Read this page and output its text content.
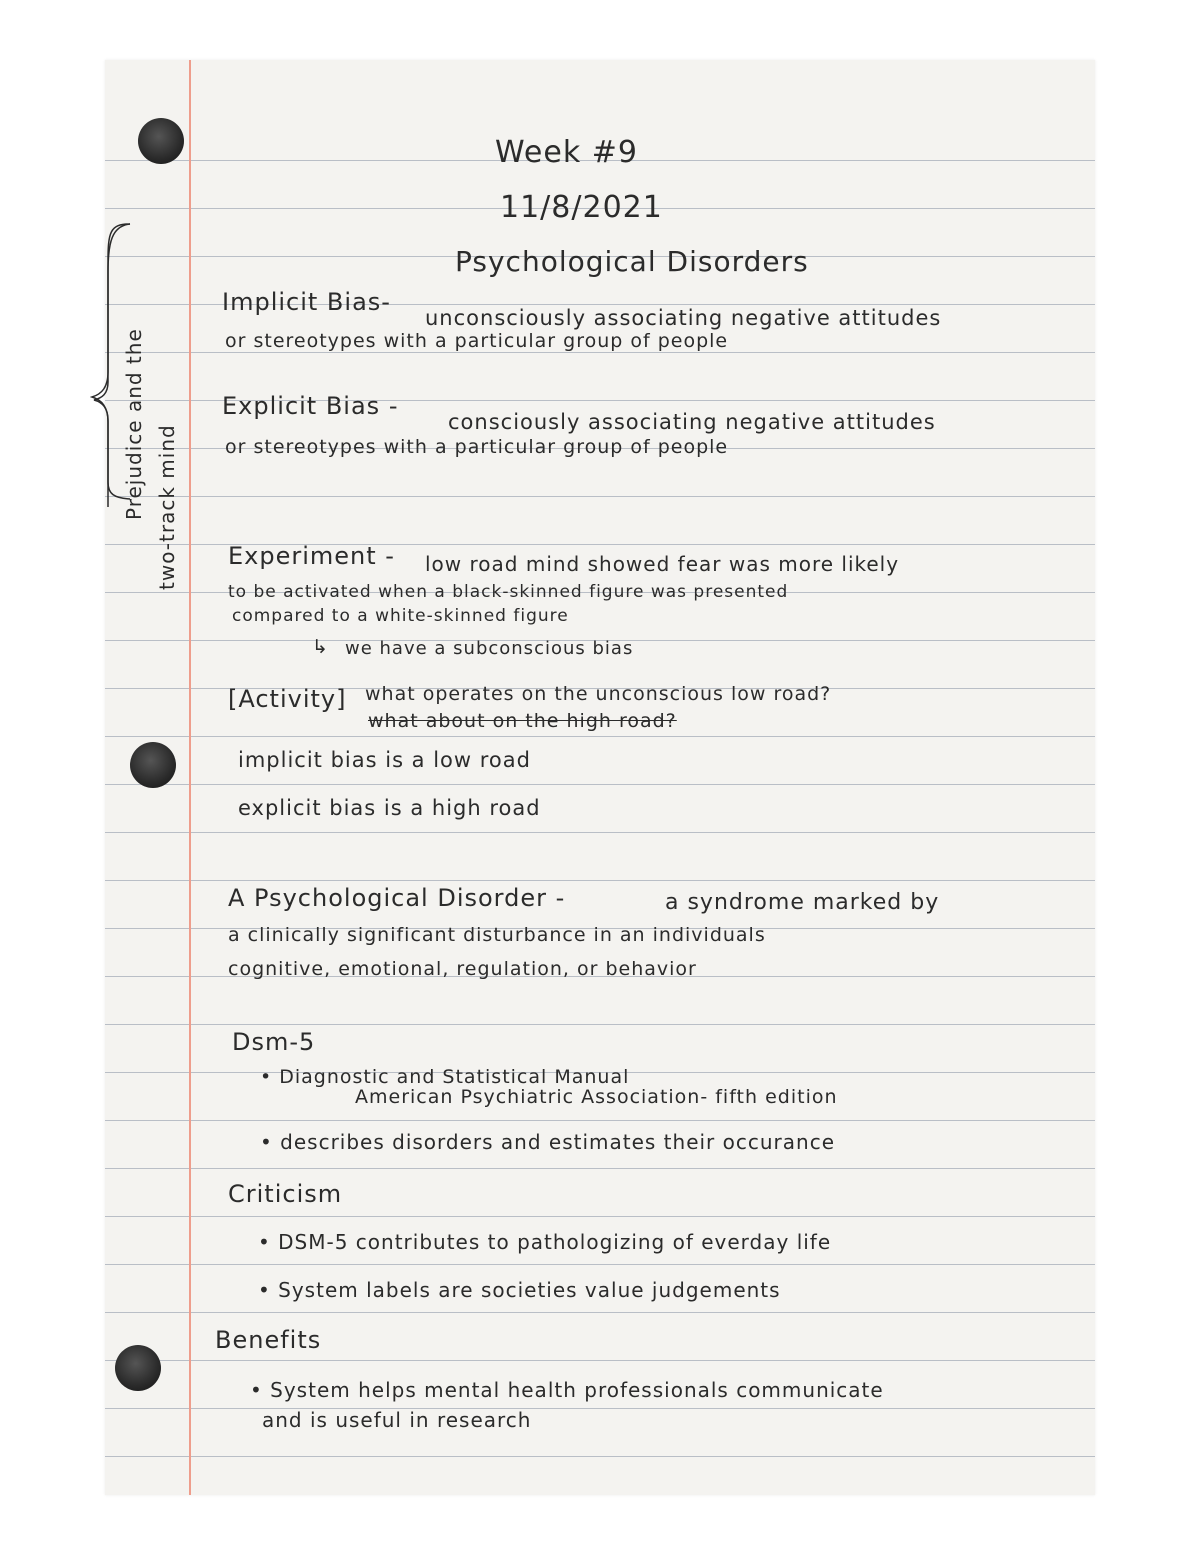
Week #9
11/8/2021
Psychological Disorders
Prejudice and the two-track mind
Implicit Bias-
unconsciously associating negative attitudes
or stereotypes with a particular group of people
Explicit Bias -
consciously associating negative attitudes
or stereotypes with a particular group of people
Experiment - low road mind showed fear was more likely
to be activated when a black-skinned figure was presented
compared to a white-skinned figure
↳ we have a subconscious bias
[Activity] what operates on the unconscious low road?
what about on the high road?
implicit bias is a low road
explicit bias is a high road
A Psychological Disorder -	a syndrome marked by
a clinically significant disturbance in an individuals
cognitive, emotional, regulation, or behavior
Dsm-5
• Diagnostic and Statistical Manual
American Psychiatric Association- fifth edition
• describes disorders and estimates their occurance
Criticism
• DSM-5 contributes to pathologizing of everday life
• System labels are societies value judgements
Benefits
• System helps mental health professionals communicate
and is useful in research
